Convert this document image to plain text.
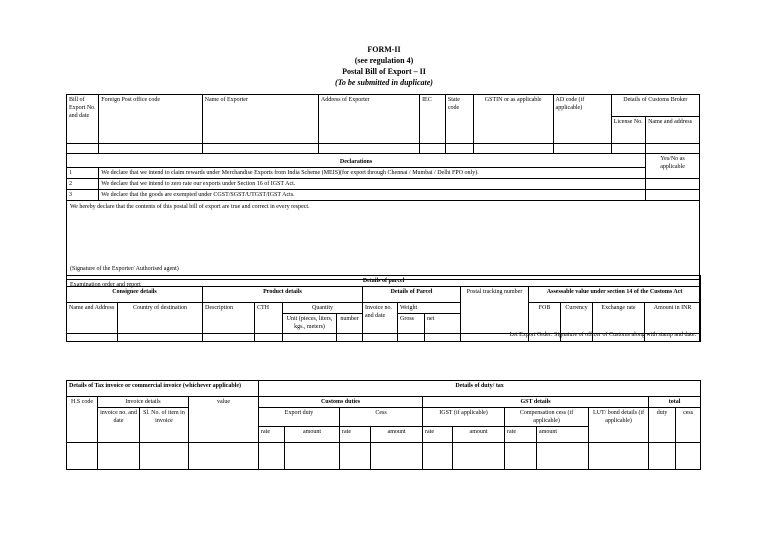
FORM-II
(see regulation 4)
Postal Bill of Export – II
(To be submitted in duplicate)
Bill of Export No. and date	Foreign Post office code	Name of Exporter	Address of Exporter	IEC	State code	GSTIN or as applicable	AD code (if applicable)	Details of Customs Broker	
								License No.	Name and address

Declarations									Yes/No as applicable
1	We declare that we intend to claim rewards under Merchandise Exports from India Scheme (MEIS)(for export through Chennai / Mumbai / Delhi FPO only).								
2	We declare that we intend to zero rate our exports under Section 16 of IGST Act.								
3	We declare that the goods are exempted under CGST/SGST/UTGST/IGST Acts.								

We hereby declare that the contents of this postal bill of export are true and correct in every respect.
(Signature of the Exporter/ Authorised agent)									

Examination order and report
Let Export Order: Signature of officer of Customs along with stamp and date.									
Details of parcel													
Consignee details		Product details				Details of Parcel			Postal tracking number	Assessable value under section 14 of the Customs Act			
Name and Address	Country of destination	Description	CTH	Quantity		Invoice no. and date	Weight			FOB	Currency	Exchange rate	Amount in INR
				Unit (pieces, liters, kgs., meters)	number		Gross	net					

Details of Tax invoice or commercial invoice (whichever applicable)				Details of duty/ tax										
H.S code	Invoice details		value	Customs duties				GST details					total	
	invoice no. and date	Sl. No. of item in invoice		Export duty		Cess		IGST (if applicable)		Compensation cess (if applicable)		LUT/ bond details (if applicable)	duty	cess
				rate	amount	rate	amount	rate	amount	rate	amount			
